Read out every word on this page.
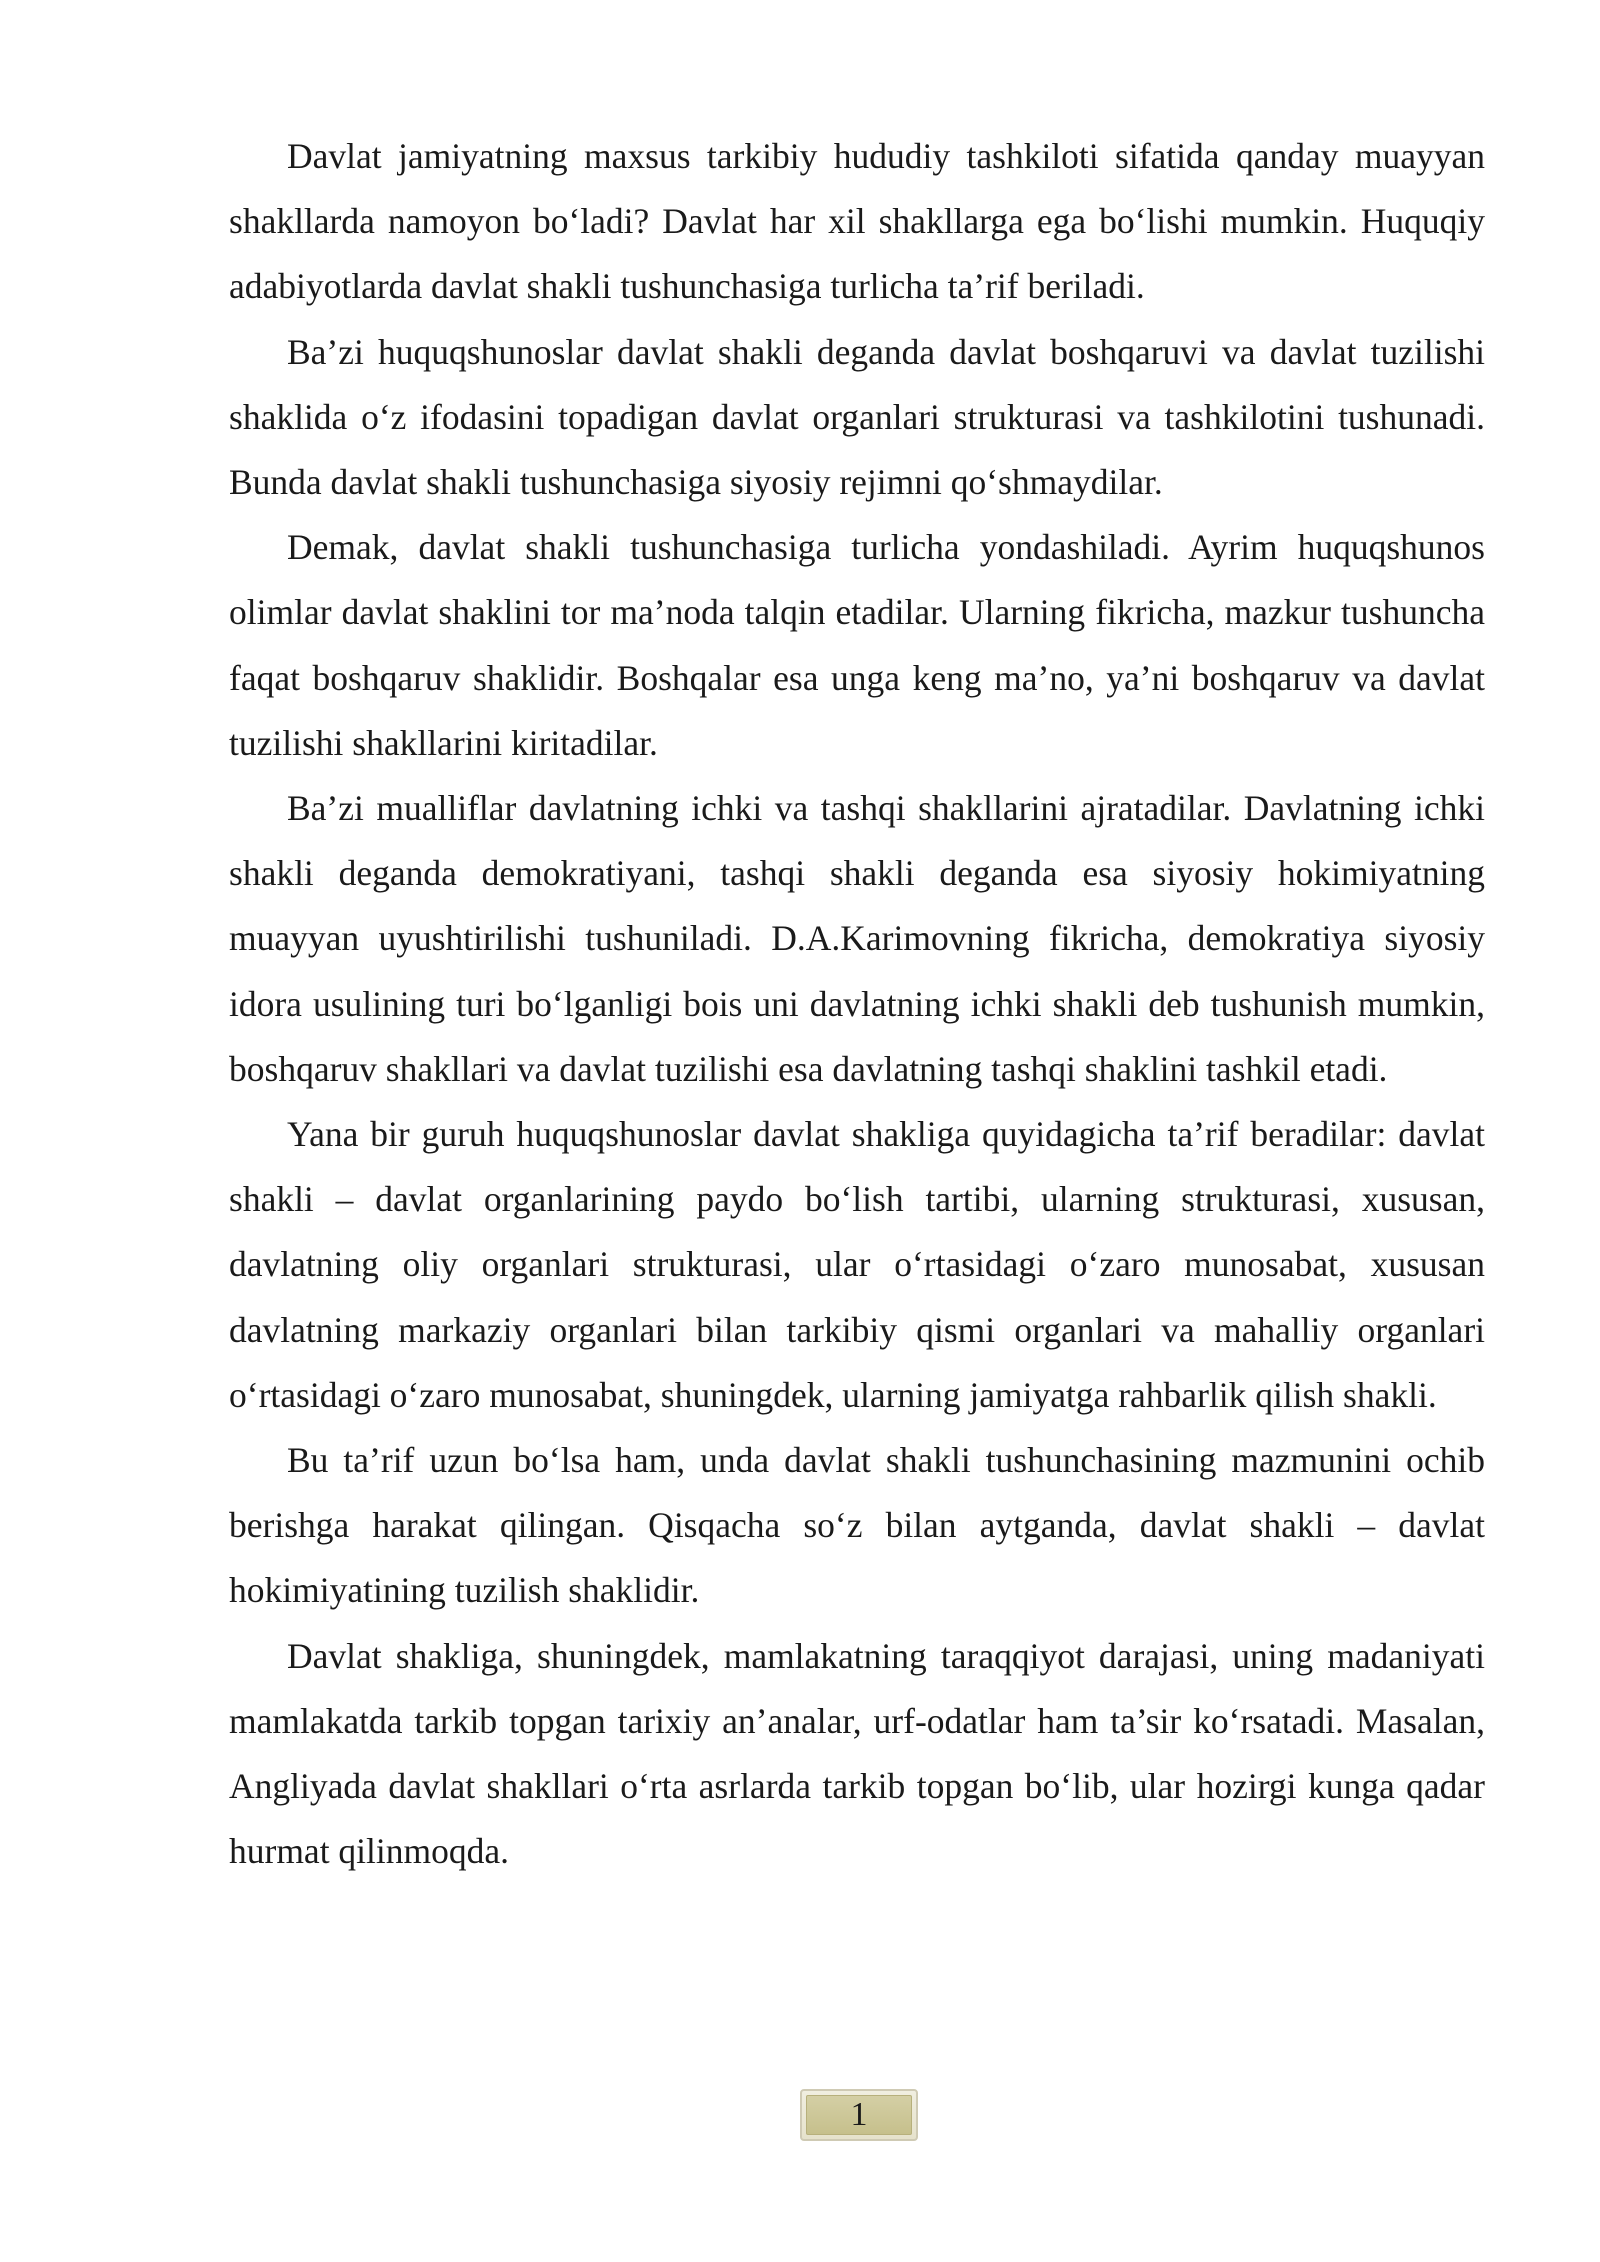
Davlat jamiyatning maxsus tarkibiy hududiy tashkiloti sifatida qanday muayyan shakllarda namoyon bo‘ladi? Davlat har xil shakllarga ega bo‘lishi mumkin. Huquqiy adabiyotlarda davlat shakli tushunchasiga turlicha ta’rif beriladi.

Ba’zi huquqshunoslar davlat shakli deganda davlat boshqaruvi va davlat tuzilishi shaklida o‘z ifodasini topadigan davlat organlari strukturasi va tashkilotini tushunadi. Bunda davlat shakli tushunchasiga siyosiy rejimni qo‘shmaydilar.

Demak, davlat shakli tushunchasiga turlicha yondashiladi. Ayrim huquqshunos olimlar davlat shaklini tor ma’noda talqin etadilar. Ularning fikricha, mazkur tushuncha faqat boshqaruv shaklidir. Boshqalar esa unga keng ma’no, ya’ni boshqaruv va davlat tuzilishi shakllarini kiritadilar.

Ba’zi mualliflar davlatning ichki va tashqi shakllarini ajratadilar. Davlatning ichki shakli deganda demokratiyani, tashqi shakli deganda esa siyosiy hokimiyatning muayyan uyushtirilishi tushuniladi. D.A.Karimovning fikricha, demokratiya siyosiy idora usulining turi bo‘lganligi bois uni davlatning ichki shakli deb tushunish mumkin, boshqaruv shakllari va davlat tuzilishi esa davlatning tashqi shaklini tashkil etadi.

Yana bir guruh huquqshunoslar davlat shakliga quyidagicha ta’rif beradilar: davlat shakli – davlat organlarining paydo bo‘lish tartibi, ularning strukturasi, xususan, davlatning oliy organlari strukturasi, ular o‘rtasidagi o‘zaro munosabat, xususan davlatning markaziy organlari bilan tarkibiy qismi organlari va mahalliy organlari o‘rtasidagi o‘zaro munosabat, shuningdek, ularning jamiyatga rahbarlik qilish shakli.

Bu ta’rif uzun bo‘lsa ham, unda davlat shakli tushunchasining mazmunini ochib berishga harakat qilingan. Qisqacha so‘z bilan aytganda, davlat shakli – davlat hokimiyatining tuzilish shaklidir.

Davlat shakliga, shuningdek, mamlakatning taraqqiyot darajasi, uning madaniyati mamlakatda tarkib topgan tarixiy an’analar, urf-odatlar ham ta’sir ko‘rsatadi. Masalan, Angliyada davlat shakllari o‘rta asrlarda tarkib topgan bo‘lib, ular hozirgi kunga qadar hurmat qilinmoqda.

1
